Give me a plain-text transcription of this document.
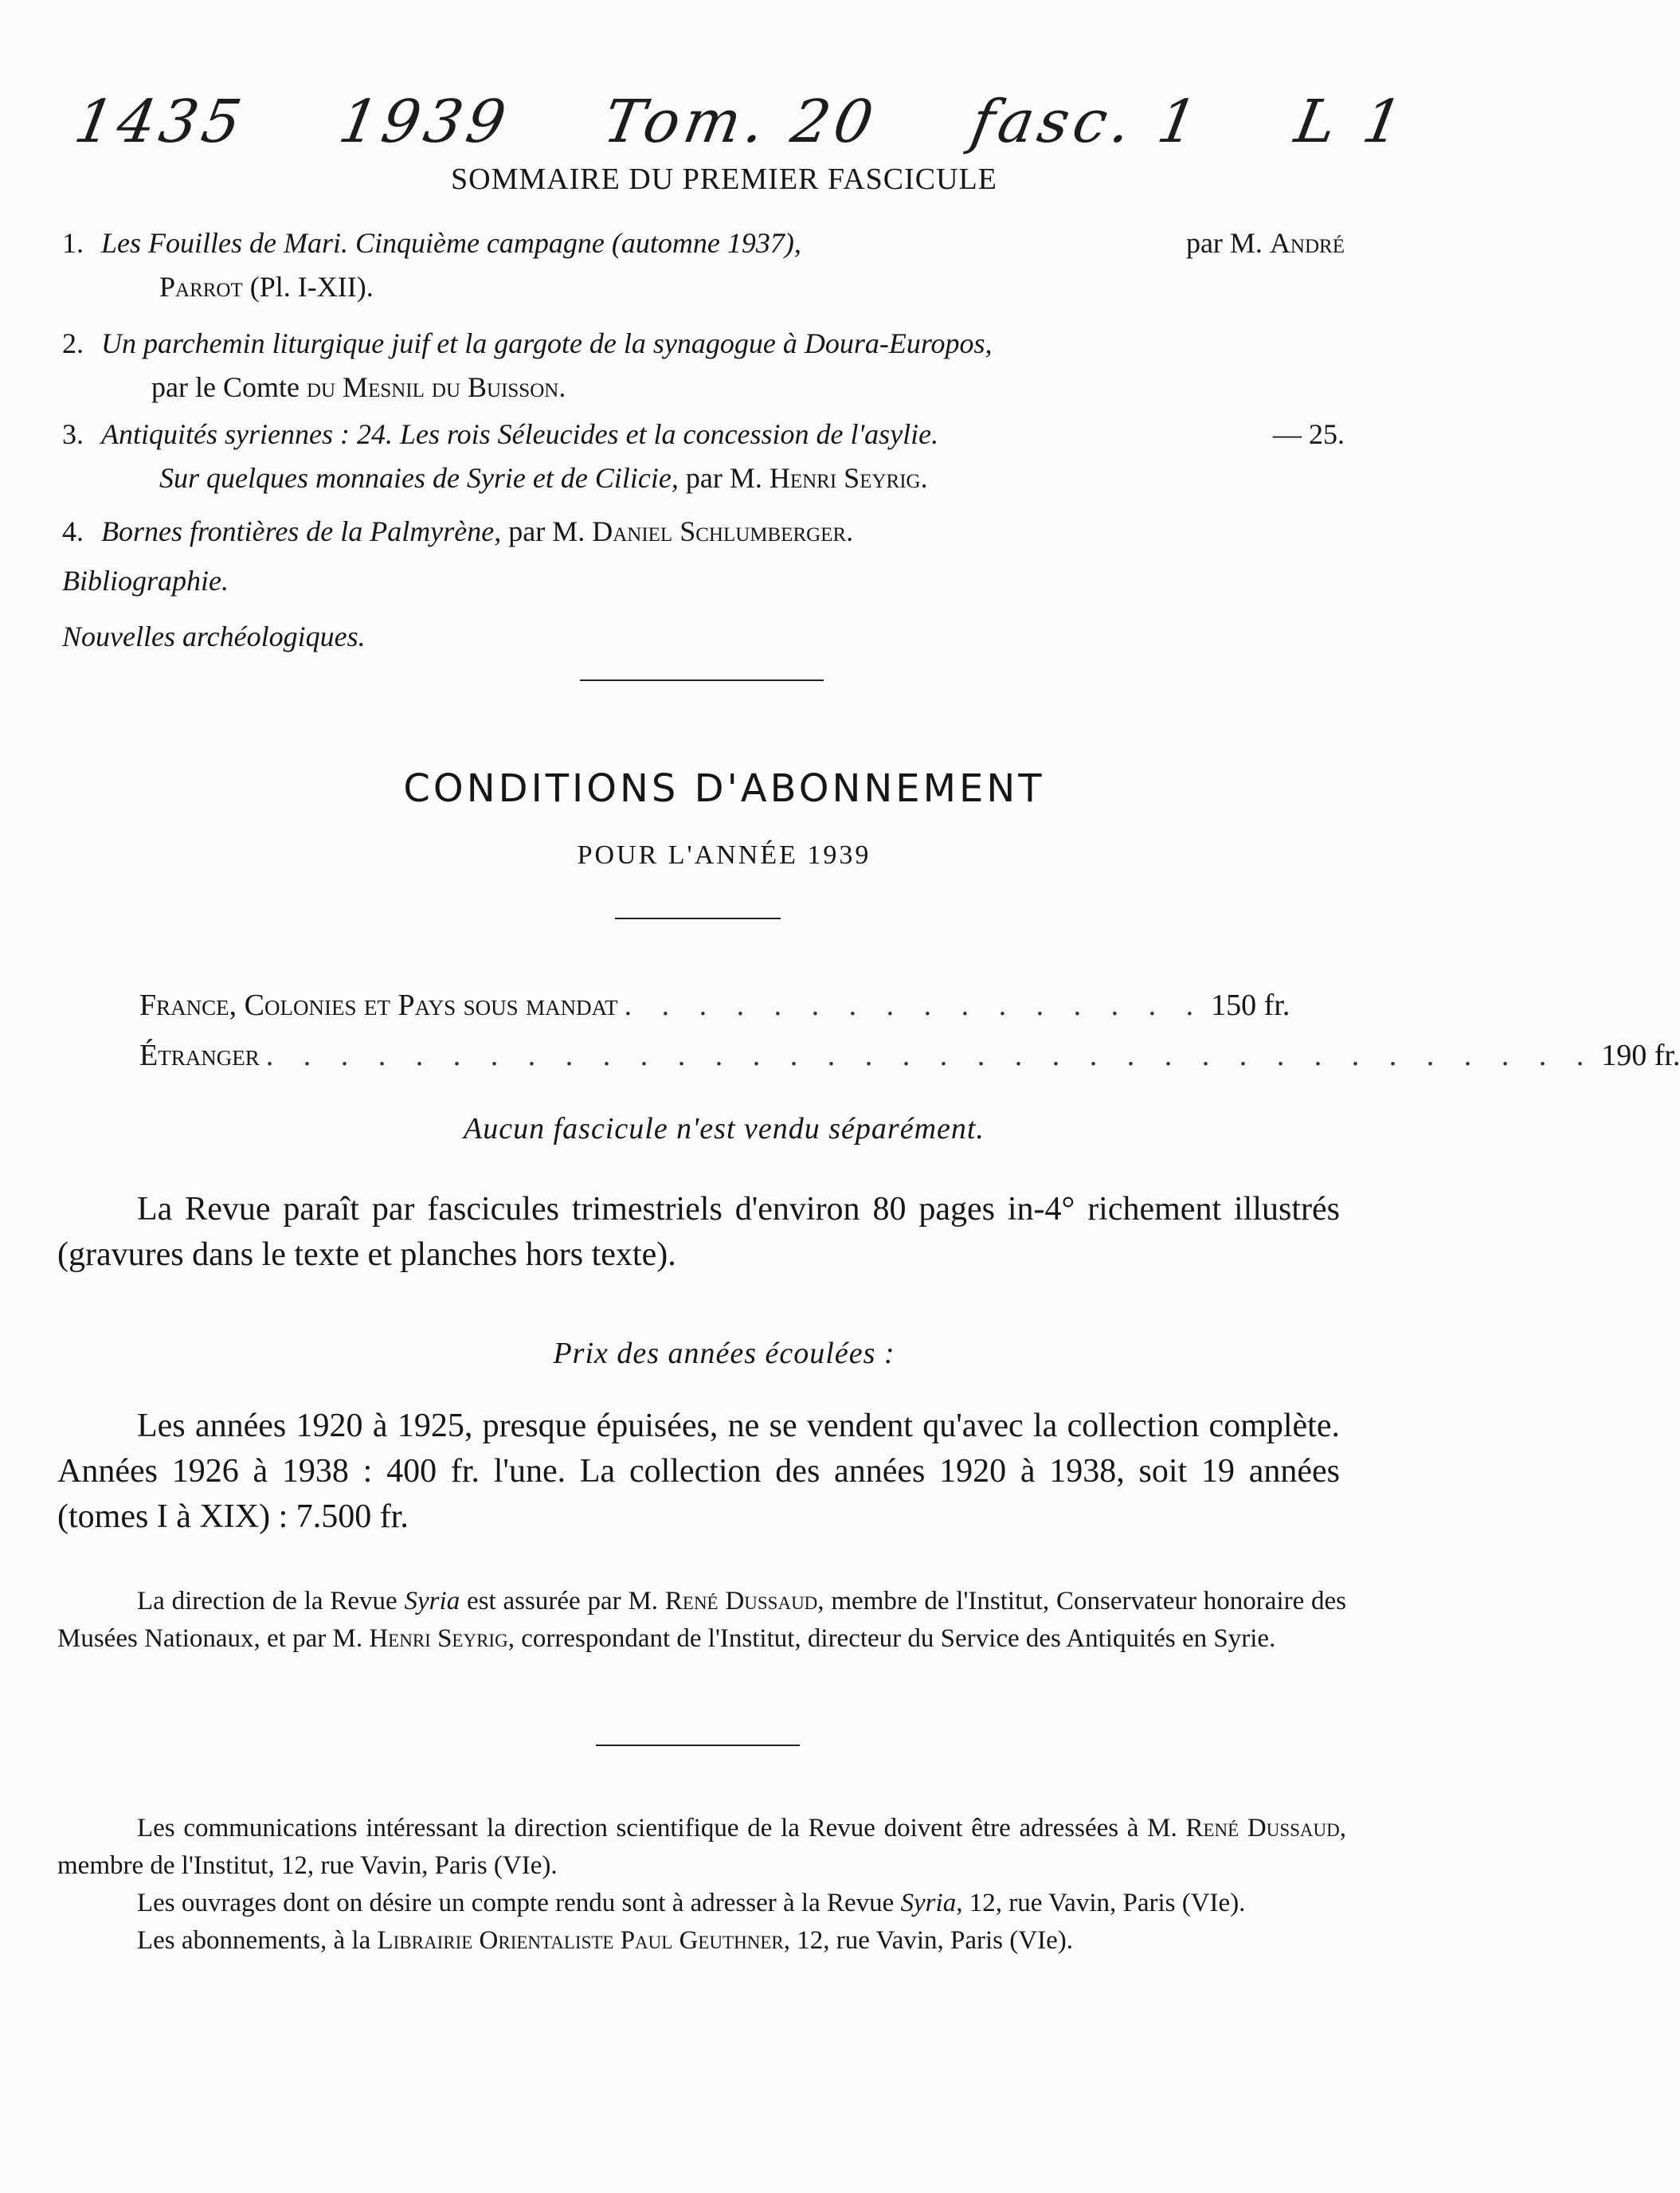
1435 1939 Tom. 20 fasc. 1 L 1
SOMMAIRE DU PREMIER FASCICULE
1. Les Fouilles de Mari. Cinquième campagne (automne 1937),	par M. André
Parrot (Pl. I-XII).
2. Un parchemin liturgique juif et la gargote de la synagogue à Doura-Europos,
par le Comte du Mesnil du Buisson.
3. Antiquités syriennes : 24. Les rois Séleucides et la concession de l'asylie.	— 25.
Sur quelques monnaies de Syrie et de Cilicie, par M. Henri Seyrig.
4. Bornes frontières de la Palmyrène, par M. Daniel Schlumberger.
Bibliographie.
Nouvelles archéologiques.
CONDITIONS D'ABONNEMENT
POUR L'ANNÉE 1939
France, Colonies et Pays sous mandat . . . . . . . . . . . . . . . . 150 fr.
Étranger . . . . . . . . . . . . . . . . . . . . . . . . . . . . . . . . . . . . 190 fr.
Aucun fascicule n'est vendu séparément.
La Revue paraît par fascicules trimestriels d'environ 80 pages in-4° richement illustrés (gravures dans le texte et planches hors texte).
Prix des années écoulées :
Les années 1920 à 1925, presque épuisées, ne se vendent qu'avec la collection complète. Années 1926 à 1938 : 400 fr. l'une. La collection des années 1920 à 1938, soit 19 années (tomes I à XIX) : 7.500 fr.

La direction de la Revue Syria est assurée par M. René Dussaud, membre de l'Institut, Conservateur honoraire des Musées Nationaux, et par M. Henri Seyrig, correspondant de l'Institut, directeur du Service des Antiquités en Syrie.

Les communications intéressant la direction scientifique de la Revue doivent être adressées à M. René Dussaud, membre de l'Institut, 12, rue Vavin, Paris (VIe).

Les ouvrages dont on désire un compte rendu sont à adresser à la Revue Syria, 12, rue Vavin, Paris (VIe).

Les abonnements, à la Librairie Orientaliste Paul Geuthner, 12, rue Vavin, Paris (VIe).
